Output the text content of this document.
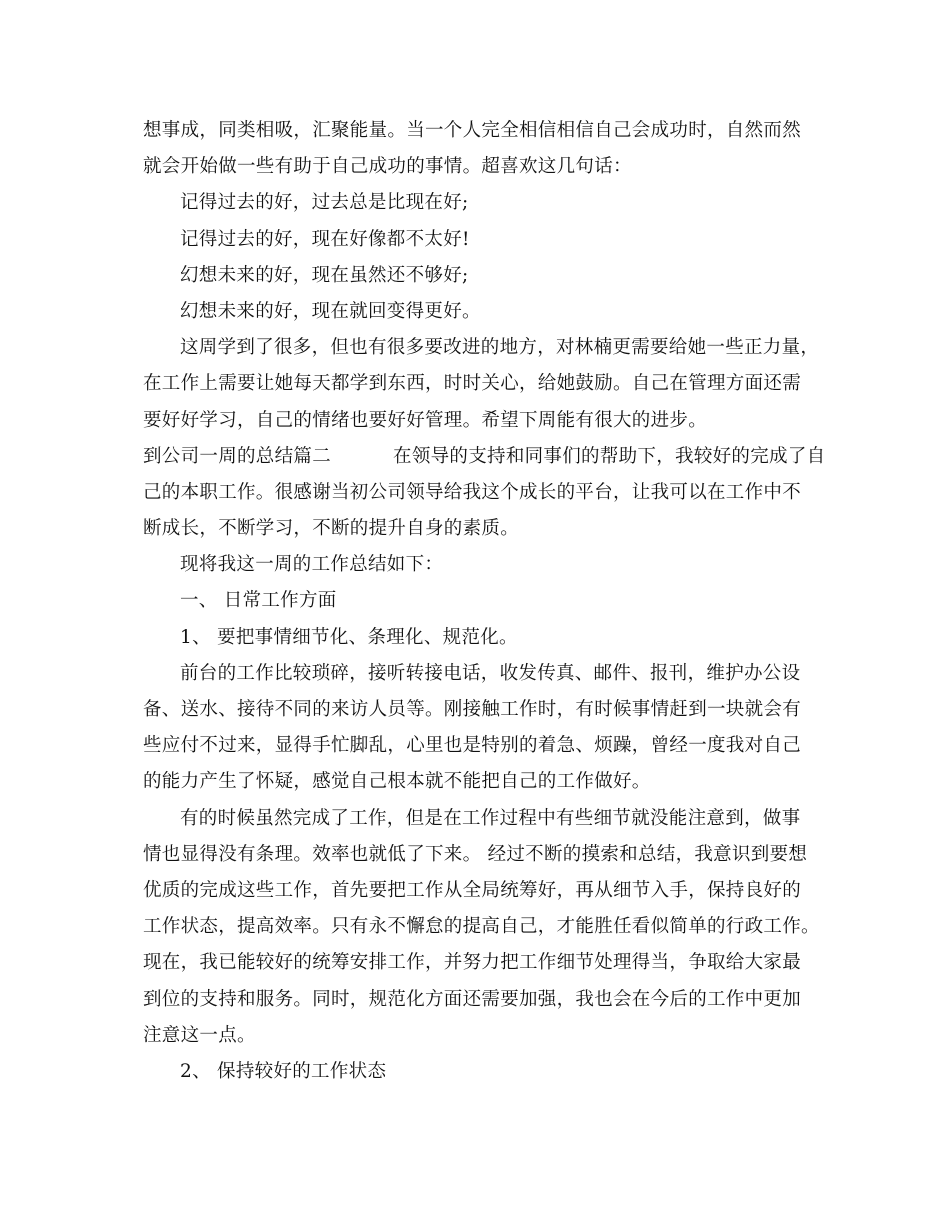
想事成，同类相吸，汇聚能量。当一个人完全相信相信自己会成功时，自然而然
就会开始做一些有助于自己成功的事情。超喜欢这几句话：
记得过去的好，过去总是比现在好;
记得过去的好，现在好像都不太好!
幻想未来的好，现在虽然还不够好;
幻想未来的好，现在就回变得更好。
这周学到了很多，但也有很多要改进的地方，对林楠更需要给她一些正力量，
在工作上需要让她每天都学到东西，时时关心，给她鼓励。自己在管理方面还需
要好好学习，自己的情绪也要好好管理。希望下周能有很大的进步。
到公司一周的总结篇二	在领导的支持和同事们的帮助下，我较好的完成了自
己的本职工作。很感谢当初公司领导给我这个成长的平台，让我可以在工作中不
断成长，不断学习，不断的提升自身的素质。
现将我这一周的工作总结如下：
一、 日常工作方面
1、 要把事情细节化、条理化、规范化。
前台的工作比较琐碎，接听转接电话，收发传真、邮件、报刊，维护办公设
备、送水、接待不同的来访人员等。刚接触工作时，有时候事情赶到一块就会有
些应付不过来，显得手忙脚乱，心里也是特别的着急、烦躁，曾经一度我对自己
的能力产生了怀疑，感觉自己根本就不能把自己的工作做好。
有的时候虽然完成了工作，但是在工作过程中有些细节就没能注意到，做事
情也显得没有条理。效率也就低了下来。 经过不断的摸索和总结，我意识到要想
优质的完成这些工作，首先要把工作从全局统筹好，再从细节入手，保持良好的
工作状态，提高效率。只有永不懈怠的提高自己，才能胜任看似简单的行政工作。
现在，我已能较好的统筹安排工作，并努力把工作细节处理得当，争取给大家最
到位的支持和服务。同时，规范化方面还需要加强，我也会在今后的工作中更加
注意这一点。
2、 保持较好的工作状态
